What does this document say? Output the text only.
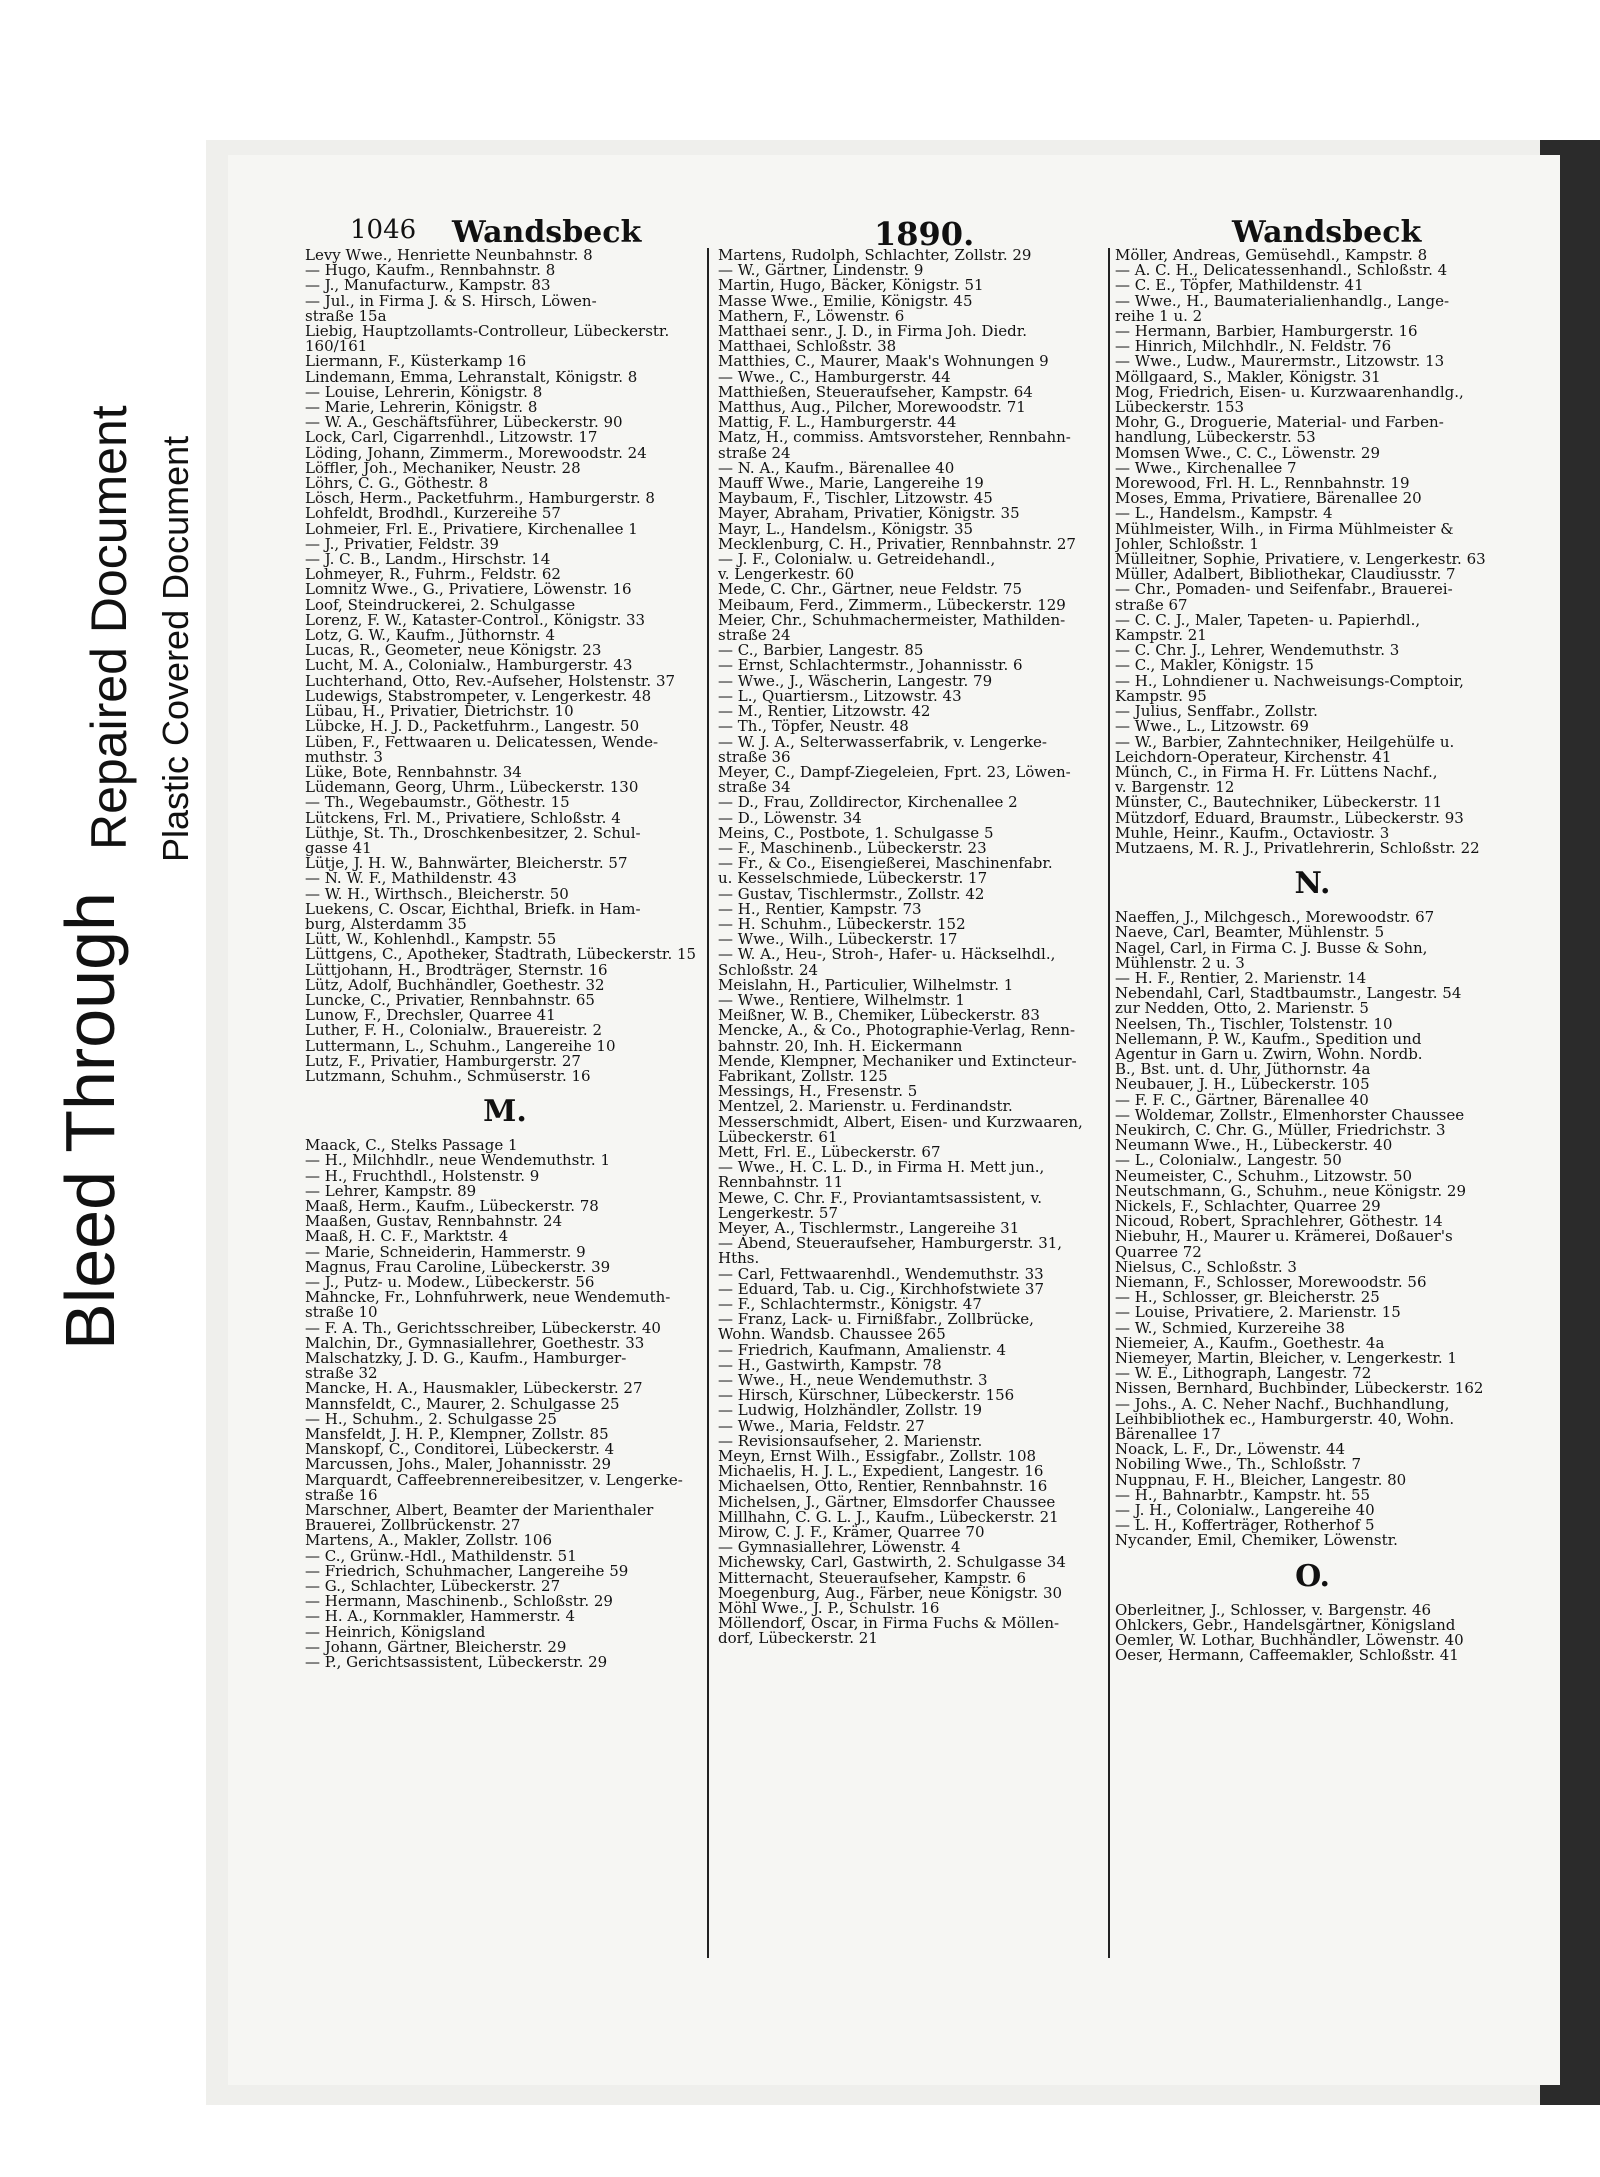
Bleed Through
Repaired Document Plastic Covered Document
1046 Wandsbeck	1890.	Wandsbeck
Levy Wwe., Henriette Neunbahnstr. 8
— Hugo, Kaufm., Rennbahnstr. 8
— J., Manufacturw., Kampstr. 83
— Jul., in Firma J. & S. Hirsch, Löwen-
straße 15a
Liebig, Hauptzollamts-Controlleur, Lübeckerstr.
160/161
Liermann, F., Küsterkamp 16
Lindemann, Emma, Lehranstalt, Königstr. 8
— Louise, Lehrerin, Königstr. 8
— Marie, Lehrerin, Königstr. 8
— W. A., Geschäftsführer, Lübeckerstr. 90
Lock, Carl, Cigarrenhdl., Litzowstr. 17
Löding, Johann, Zimmerm., Morewoodstr. 24
Löffler, Joh., Mechaniker, Neustr. 28
Löhrs, C. G., Göthestr. 8
Lösch, Herm., Packetfuhrm., Hamburgerstr. 8
Lohfeldt, Brodhdl., Kurzereihe 57
Lohmeier, Frl. E., Privatiere, Kirchenallee 1
— J., Privatier, Feldstr. 39
— J. C. B., Landm., Hirschstr. 14
Lohmeyer, R., Fuhrm., Feldstr. 62
Lomnitz Wwe., G., Privatiere, Löwenstr. 16
Loof, Steindruckerei, 2. Schulgasse
Lorenz, F. W., Kataster-Control., Königstr. 33
Lotz, G. W., Kaufm., Jüthornstr. 4
Lucas, R., Geometer, neue Königstr. 23
Lucht, M. A., Colonialw., Hamburgerstr. 43
Luchterhand, Otto, Rev.-Aufseher, Holstenstr. 37
Ludewigs, Stabstrompeter, v. Lengerkestr. 48
Lübau, H., Privatier, Dietrichstr. 10
Lübcke, H. J. D., Packetfuhrm., Langestr. 50
Lüben, F., Fettwaaren u. Delicatessen, Wende-
muthstr. 3
Lüke, Bote, Rennbahnstr. 34
Lüdemann, Georg, Uhrm., Lübeckerstr. 130
— Th., Wegebaumstr., Göthestr. 15
Lütckens, Frl. M., Privatiere, Schloßstr. 4
Lüthje, St. Th., Droschkenbesitzer, 2. Schul-
gasse 41
Lütje, J. H. W., Bahnwärter, Bleicherstr. 57
— N. W. F., Mathildenstr. 43
— W. H., Wirthsch., Bleicherstr. 50
Luekens, C. Oscar, Eichthal, Briefk. in Ham-
burg, Alsterdamm 35
Lütt, W., Kohlenhdl., Kampstr. 55
Lüttgens, C., Apotheker, Stadtrath, Lübeckerstr. 15
Lüttjohann, H., Brodträger, Sternstr. 16
Lütz, Adolf, Buchhändler, Goethestr. 32
Luncke, C., Privatier, Rennbahnstr. 65
Lunow, F., Drechsler, Quarree 41
Luther, F. H., Colonialw., Brauereistr. 2
Luttermann, L., Schuhm., Langereihe 10
Lutz, F., Privatier, Hamburgerstr. 27
Lutzmann, Schuhm., Schmüserstr. 16
M.
Maack, C., Stelks Passage 1
— H., Milchhdlr., neue Wendemuthstr. 1
— H., Fruchthdl., Holstenstr. 9
— Lehrer, Kampstr. 89
Maaß, Herm., Kaufm., Lübeckerstr. 78
Maaßen, Gustav, Rennbahnstr. 24
Maaß, H. C. F., Marktstr. 4
— Marie, Schneiderin, Hammerstr. 9
Magnus, Frau Caroline, Lübeckerstr. 39
— J., Putz- u. Modew., Lübeckerstr. 56
Mahncke, Fr., Lohnfuhrwerk, neue Wendemuth-
straße 10
— F. A. Th., Gerichtsschreiber, Lübeckerstr. 40
Malchin, Dr., Gymnasiallehrer, Goethestr. 33
Malschatzky, J. D. G., Kaufm., Hamburger-
straße 32
Mancke, H. A., Hausmakler, Lübeckerstr. 27
Mannsfeldt, C., Maurer, 2. Schulgasse 25
— H., Schuhm., 2. Schulgasse 25
Mansfeldt, J. H. P., Klempner, Zollstr. 85
Manskopf, C., Conditorei, Lübeckerstr. 4
Marcussen, Johs., Maler, Johannisstr. 29
Marquardt, Caffeebrennereibesitzer, v. Lengerke-
straße 16
Marschner, Albert, Beamter der Marienthaler
Brauerei, Zollbrückenstr. 27
Martens, A., Makler, Zollstr. 106
— C., Grünw.-Hdl., Mathildenstr. 51
— Friedrich, Schuhmacher, Langereihe 59
— G., Schlachter, Lübeckerstr. 27
— Hermann, Maschinenb., Schloßstr. 29
— H. A., Kornmakler, Hammerstr. 4
— Heinrich, Königsland
— Johann, Gärtner, Bleicherstr. 29
— P., Gerichtsassistent, Lübeckerstr. 29
Martens, Rudolph, Schlachter, Zollstr. 29
— W., Gärtner, Lindenstr. 9
Martin, Hugo, Bäcker, Königstr. 51
Masse Wwe., Emilie, Königstr. 45
Mathern, F., Löwenstr. 6
Matthaei senr., J. D., in Firma Joh. Diedr.
Matthaei, Schloßstr. 38
Matthies, C., Maurer, Maak's Wohnungen 9
— Wwe., C., Hamburgerstr. 44
Matthießen, Steueraufseher, Kampstr. 64
Matthus, Aug., Pilcher, Morewoodstr. 71
Mattig, F. L., Hamburgerstr. 44
Matz, H., commiss. Amtsvorsteher, Rennbahn-
straße 24
— N. A., Kaufm., Bärenallee 40
Mauff Wwe., Marie, Langereihe 19
Maybaum, F., Tischler, Litzowstr. 45
Mayer, Abraham, Privatier, Königstr. 35
Mayr, L., Handelsm., Königstr. 35
Mecklenburg, C. H., Privatier, Rennbahnstr. 27
— J. F., Colonialw. u. Getreidehandl.,
v. Lengerkestr. 60
Mede, C. Chr., Gärtner, neue Feldstr. 75
Meibaum, Ferd., Zimmerm., Lübeckerstr. 129
Meier, Chr., Schuhmachermeister, Mathilden-
straße 24
— C., Barbier, Langestr. 85
— Ernst, Schlachtermstr., Johannisstr. 6
— Wwe., J., Wäscherin, Langestr. 79
— L., Quartiersm., Litzowstr. 43
— M., Rentier, Litzowstr. 42
— Th., Töpfer, Neustr. 48
— W. J. A., Selterwasserfabrik, v. Lengerke-
straße 36
Meyer, C., Dampf-Ziegeleien, Fprt. 23, Löwen-
straße 34
— D., Frau, Zolldirector, Kirchenallee 2
— D., Löwenstr. 34
Meins, C., Postbote, 1. Schulgasse 5
— F., Maschinenb., Lübeckerstr. 23
— Fr., & Co., Eisengießerei, Maschinenfabr.
u. Kesselschmiede, Lübeckerstr. 17
— Gustav, Tischlermstr., Zollstr. 42
— H., Rentier, Kampstr. 73
— H. Schuhm., Lübeckerstr. 152
— Wwe., Wilh., Lübeckerstr. 17
— W. A., Heu-, Stroh-, Hafer- u. Häckselhdl.,
Schloßstr. 24
Meislahn, H., Particulier, Wilhelmstr. 1
— Wwe., Rentiere, Wilhelmstr. 1
Meißner, W. B., Chemiker, Lübeckerstr. 83
Mencke, A., & Co., Photographie-Verlag, Renn-
bahnstr. 20, Inh. H. Eickermann
Mende, Klempner, Mechaniker und Extincteur-
Fabrikant, Zollstr. 125
Messings, H., Fresenstr. 5
Mentzel, 2. Marienstr. u. Ferdinandstr.
Messerschmidt, Albert, Eisen- und Kurzwaaren,
Lübeckerstr. 61
Mett, Frl. E., Lübeckerstr. 67
— Wwe., H. C. L. D., in Firma H. Mett jun.,
Rennbahnstr. 11
Mewe, C. Chr. F., Proviantamtsassistent, v.
Lengerkestr. 57
Meyer, A., Tischlermstr., Langereihe 31
— Abend, Steueraufseher, Hamburgerstr. 31,
Hths.
— Carl, Fettwaarenhdl., Wendemuthstr. 33
— Eduard, Tab. u. Cig., Kirchhofstwiete 37
— F., Schlachtermstr., Königstr. 47
— Franz, Lack- u. Firnißfabr., Zollbrücke,
Wohn. Wandsb. Chaussee 265
— Friedrich, Kaufmann, Amalienstr. 4
— H., Gastwirth, Kampstr. 78
— Wwe., H., neue Wendemuthstr. 3
— Hirsch, Kürschner, Lübeckerstr. 156
— Ludwig, Holzhändler, Zollstr. 19
— Wwe., Maria, Feldstr. 27
— Revisionsaufseher, 2. Marienstr.
Meyn, Ernst Wilh., Essigfabr., Zollstr. 108
Michaelis, H. J. L., Expedient, Langestr. 16
Michaelsen, Otto, Rentier, Rennbahnstr. 16
Michelsen, J., Gärtner, Elmsdorfer Chaussee
Millhahn, C. G. L. J., Kaufm., Lübeckerstr. 21
Mirow, C. J. F., Krämer, Quarree 70
— Gymnasiallehrer, Löwenstr. 4
Michewsky, Carl, Gastwirth, 2. Schulgasse 34
Mitternacht, Steueraufseher, Kampstr. 6
Moegenburg, Aug., Färber, neue Königstr. 30
Möhl Wwe., J. P., Schulstr. 16
Möllendorf, Oscar, in Firma Fuchs & Möllen-
dorf, Lübeckerstr. 21
Möller, Andreas, Gemüsehdl., Kampstr. 8
— A. C. H., Delicatessenhandl., Schloßstr. 4
— C. E., Töpfer, Mathildenstr. 41
— Wwe., H., Baumaterialienhandlg., Lange-
reihe 1 u. 2
— Hermann, Barbier, Hamburgerstr. 16
— Hinrich, Milchhdlr., N. Feldstr. 76
— Wwe., Ludw., Maurermstr., Litzowstr. 13
Möllgaard, S., Makler, Königstr. 31
Mog, Friedrich, Eisen- u. Kurzwaarenhandlg.,
Lübeckerstr. 153
Mohr, G., Droguerie, Material- und Farben-
handlung, Lübeckerstr. 53
Momsen Wwe., C. C., Löwenstr. 29
— Wwe., Kirchenallee 7
Morewood, Frl. H. L., Rennbahnstr. 19
Moses, Emma, Privatiere, Bärenallee 20
— L., Handelsm., Kampstr. 4
Mühlmeister, Wilh., in Firma Mühlmeister &
Johler, Schloßstr. 1
Mülleitner, Sophie, Privatiere, v. Lengerkestr. 63
Müller, Adalbert, Bibliothekar, Claudiusstr. 7
— Chr., Pomaden- und Seifenfabr., Brauerei-
straße 67
— C. C. J., Maler, Tapeten- u. Papierhdl.,
Kampstr. 21
— C. Chr. J., Lehrer, Wendemuthstr. 3
— C., Makler, Königstr. 15
— H., Lohndiener u. Nachweisungs-Comptoir,
Kampstr. 95
— Julius, Senffabr., Zollstr.
— Wwe., L., Litzowstr. 69
— W., Barbier, Zahntechniker, Heilgehülfe u.
Leichdorn-Operateur, Kirchenstr. 41
Münch, C., in Firma H. Fr. Lüttens Nachf.,
v. Bargenstr. 12
Münster, C., Bautechniker, Lübeckerstr. 11
Mützdorf, Eduard, Braumstr., Lübeckerstr. 93
Muhle, Heinr., Kaufm., Octaviostr. 3
Mutzaens, M. R. J., Privatlehrerin, Schloßstr. 22
N.
Naeffen, J., Milchgesch., Morewoodstr. 67
Naeve, Carl, Beamter, Mühlenstr. 5
Nagel, Carl, in Firma C. J. Busse & Sohn,
Mühlenstr. 2 u. 3
— H. F., Rentier, 2. Marienstr. 14
Nebendahl, Carl, Stadtbaumstr., Langestr. 54
zur Nedden, Otto, 2. Marienstr. 5
Neelsen, Th., Tischler, Tolstenstr. 10
Nellemann, P. W., Kaufm., Spedition und
Agentur in Garn u. Zwirn, Wohn. Nordb.
B., Bst. unt. d. Uhr, Jüthornstr. 4a
Neubauer, J. H., Lübeckerstr. 105
— F. F. C., Gärtner, Bärenallee 40
— Woldemar, Zollstr., Elmenhorster Chaussee
Neukirch, C. Chr. G., Müller, Friedrichstr. 3
Neumann Wwe., H., Lübeckerstr. 40
— L., Colonialw., Langestr. 50
Neumeister, C., Schuhm., Litzowstr. 50
Neutschmann, G., Schuhm., neue Königstr. 29
Nickels, F., Schlachter, Quarree 29
Nicoud, Robert, Sprachlehrer, Göthestr. 14
Niebuhr, H., Maurer u. Krämerei, Doßauer's
Quarree 72
Nielsus, C., Schloßstr. 3
Niemann, F., Schlosser, Morewoodstr. 56
— H., Schlosser, gr. Bleicherstr. 25
— Louise, Privatiere, 2. Marienstr. 15
— W., Schmied, Kurzereihe 38
Niemeier, A., Kaufm., Goethestr. 4a
Niemeyer, Martin, Bleicher, v. Lengerkestr. 1
— W. E., Lithograph, Langestr. 72
Nissen, Bernhard, Buchbinder, Lübeckerstr. 162
— Johs., A. C. Neher Nachf., Buchhandlung,
Leihbibliothek ec., Hamburgerstr. 40, Wohn.
Bärenallee 17
Noack, L. F., Dr., Löwenstr. 44
Nobiling Wwe., Th., Schloßstr. 7
Nuppnau, F. H., Bleicher, Langestr. 80
— H., Bahnarbtr., Kampstr. ht. 55
— J. H., Colonialw., Langereihe 40
— L. H., Kofferträger, Rotherhof 5
Nycander, Emil, Chemiker, Löwenstr.
O.
Oberleitner, J., Schlosser, v. Bargenstr. 46
Ohlckers, Gebr., Handelsgärtner, Königsland
Oemler, W. Lothar, Buchhändler, Löwenstr. 40
Oeser, Hermann, Caffeemakler, Schloßstr. 41
